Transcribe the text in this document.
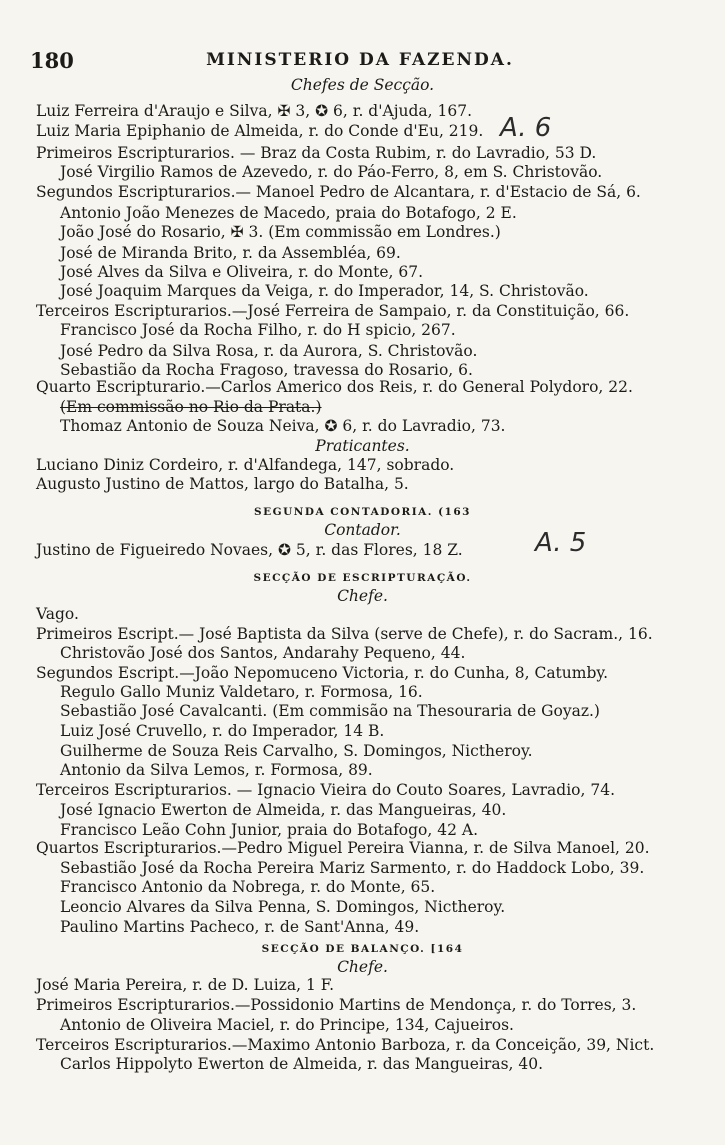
180	MINISTERIO DA FAZENDA.
Chefes de Secção.
Luiz Ferreira d'Araujo e Silva, ✠ 3, ✪ 6, r. d'Ajuda, 167.
Luiz Maria Epiphanio de Almeida, r. do Conde d'Eu, 219.
Primeiros Escripturarios. — Braz da Costa Rubim, r. do Lavradio, 53 D.
José Virgilio Ramos de Azevedo, r. do Páo-Ferro, 8, em S. Christovão.
Segundos Escripturarios.— Manoel Pedro de Alcantara, r. d'Estacio de Sá, 6.
Antonio João Menezes de Macedo, praia do Botafogo, 2 E.
João José do Rosario, ✠ 3. (Em commissão em Londres.)
José de Miranda Brito, r. da Assembléa, 69.
José Alves da Silva e Oliveira, r. do Monte, 67.
José Joaquim Marques da Veiga, r. do Imperador, 14, S. Christovão.
Terceiros Escripturarios.—José Ferreira de Sampaio, r. da Constituição, 66.
Francisco José da Rocha Filho, r. do H spicio, 267.
José Pedro da Silva Rosa, r. da Aurora, S. Christovão.
Sebastião da Rocha Fragoso, travessa do Rosario, 6.
Quarto Escripturario.—Carlos Americo dos Reis, r. do General Polydoro, 22.
(Em commissão no Rio da Prata.)
Thomaz Antonio de Souza Neiva, ✪ 6, r. do Lavradio, 73.
Praticantes.
Luciano Diniz Cordeiro, r. d'Alfandega, 147, sobrado.
Augusto Justino de Mattos, largo do Batalha, 5.
SEGUNDA CONTADORIA. (163
Contador.
Justino de Figueiredo Novaes, ✪ 5, r. das Flores, 18 Z.
SECÇÃO DE ESCRIPTURAÇÃO.
Chefe.
Vago.
Primeiros Escript.— José Baptista da Silva (serve de Chefe), r. do Sacram., 16.
Christovão José dos Santos, Andarahy Pequeno, 44.
Segundos Escript.—João Nepomuceno Victoria, r. do Cunha, 8, Catumby.
Regulo Gallo Muniz Valdetaro, r. Formosa, 16.
Sebastião José Cavalcanti. (Em commisão na Thesouraria de Goyaz.)
Luiz José Cruvello, r. do Imperador, 14 B.
Guilherme de Souza Reis Carvalho, S. Domingos, Nictheroy.
Antonio da Silva Lemos, r. Formosa, 89.
Terceiros Escripturarios. — Ignacio Vieira do Couto Soares, Lavradio, 74.
José Ignacio Ewerton de Almeida, r. das Mangueiras, 40.
Francisco Leão Cohn Junior, praia do Botafogo, 42 A.
Quartos Escripturarios.—Pedro Miguel Pereira Vianna, r. de Silva Manoel, 20.
Sebastião José da Rocha Pereira Mariz Sarmento, r. do Haddock Lobo, 39.
Francisco Antonio da Nobrega, r. do Monte, 65.
Leoncio Alvares da Silva Penna, S. Domingos, Nictheroy.
Paulino Martins Pacheco, r. de Sant'Anna, 49.
SECÇÃO DE BALANÇO. [164
Chefe.
José Maria Pereira, r. de D. Luiza, 1 F.
Primeiros Escripturarios.—Possidonio Martins de Mendonça, r. do Torres, 3.
Antonio de Oliveira Maciel, r. do Principe, 134, Cajueiros.
Terceiros Escripturarios.—Maximo Antonio Barboza, r. da Conceição, 39, Nict.
Carlos Hippolyto Ewerton de Almeida, r. das Mangueiras, 40.
A. 6
A. 5
